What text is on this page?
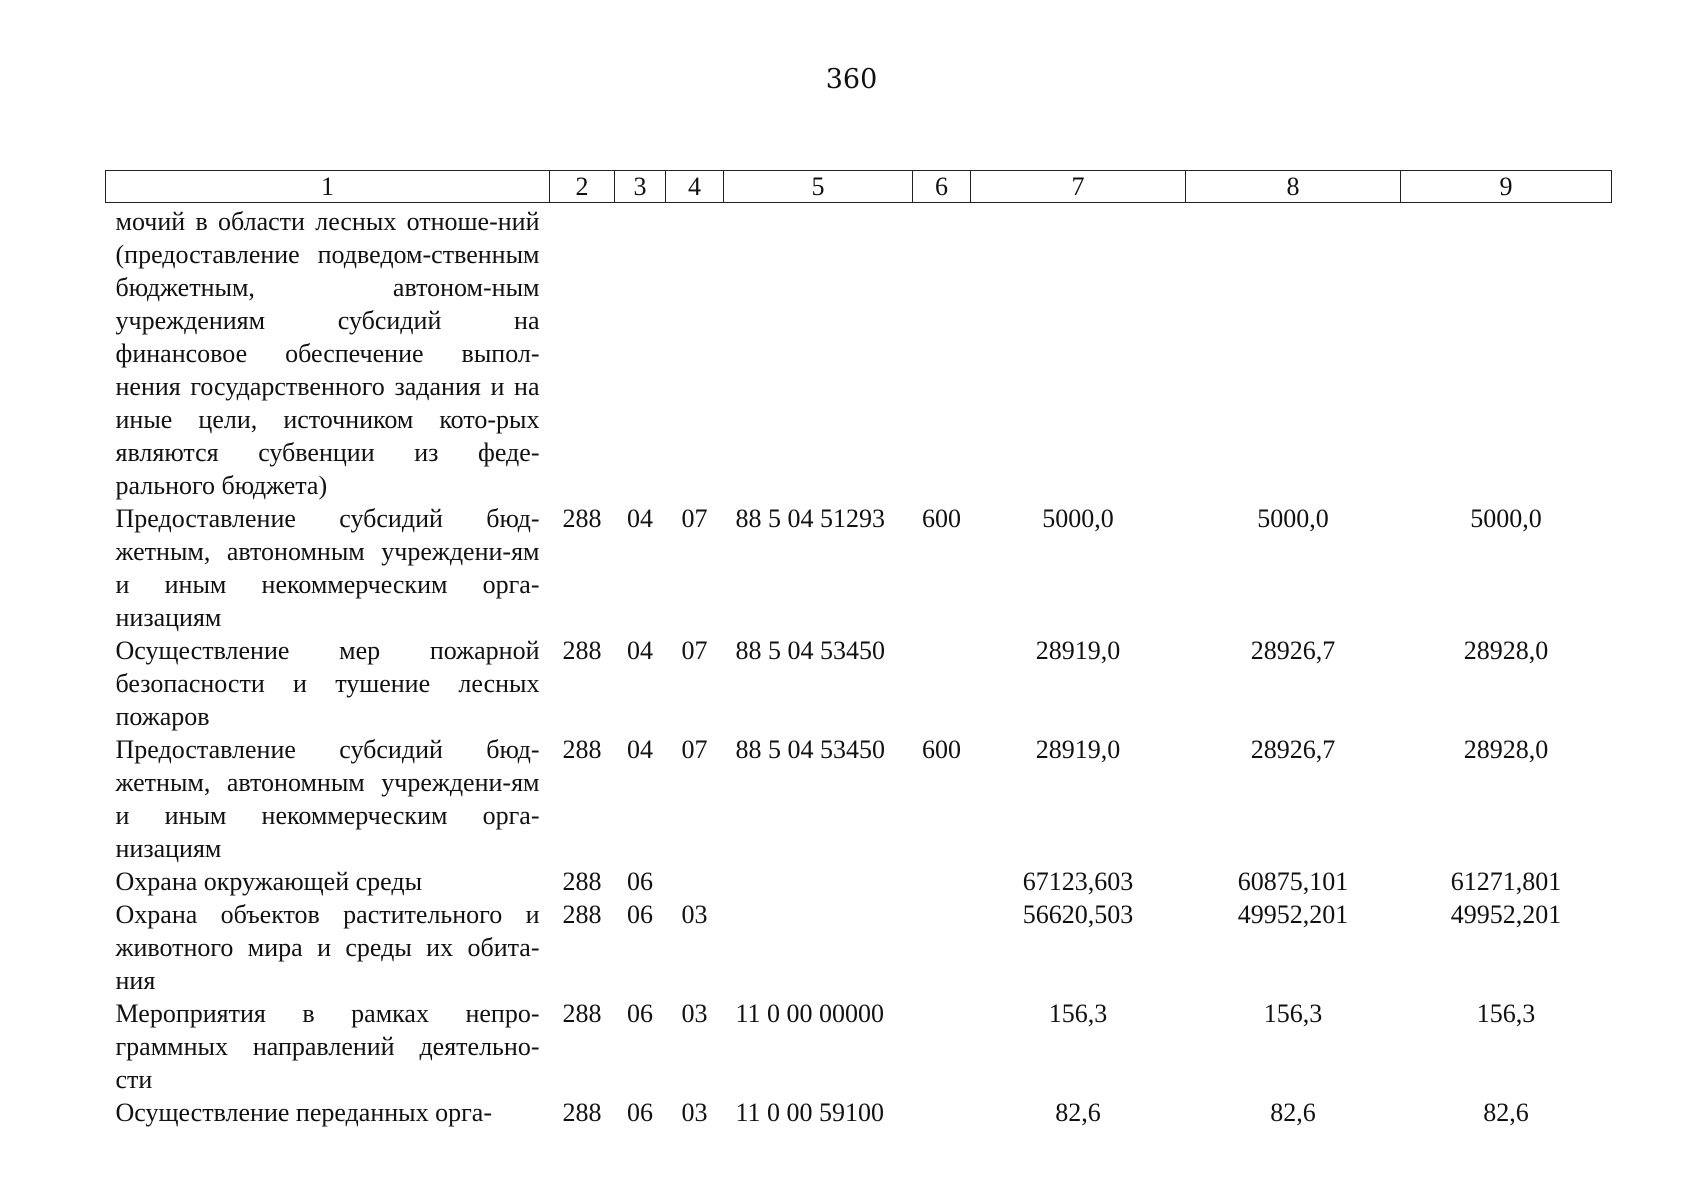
360
1	2	3	4	5	6	7	8	9
мочий в области лесных отноше-ний (предоставление подведом-ственным бюджетным, автоном-ным учреждениям субсидий на финансовое обеспечение выпол-нения государственного задания и на иные цели, источником кото-рых являются субвенции из феде-рального бюджета)								
Предоставление субсидий бюд-жетным, автономным учреждени-ям и иным некоммерческим орга-низациям	288	04	07	88 5 04 51293	600	5000,0	5000,0	5000,0
Осуществление мер пожарной безопасности и тушение лесных пожаров	288	04	07	88 5 04 53450		28919,0	28926,7	28928,0
Предоставление субсидий бюд-жетным, автономным учреждени-ям и иным некоммерческим орга-низациям	288	04	07	88 5 04 53450	600	28919,0	28926,7	28928,0
Охрана окружающей среды	288	06				67123,603	60875,101	61271,801
Охрана объектов растительного и животного мира и среды их обита-ния	288	06	03			56620,503	49952,201	49952,201
Мероприятия в рамках непро-граммных направлений деятельно-сти	288	06	03	11 0 00 00000		156,3	156,3	156,3
Осуществление переданных орга-	288	06	03	11 0 00 59100		82,6	82,6	82,6
